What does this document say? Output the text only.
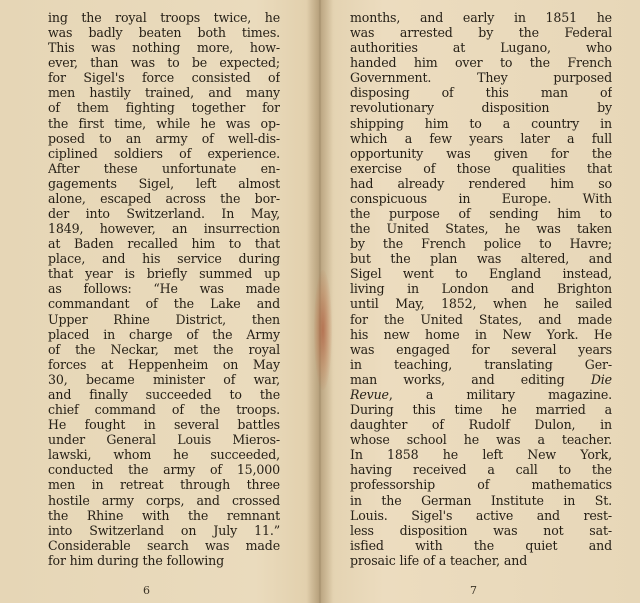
ing the royal troops twice, he
was badly beaten both times.
This was nothing more, how-
ever, than was to be expected;
for Sigel's force consisted of
men hastily trained, and many
of them fighting together for
the first time, while he was op-
posed to an army of well-dis-
ciplined soldiers of experience.
After these unfortunate en-
gagements Sigel, left almost
alone, escaped across the bor-
der into Switzerland. In May,
1849, however, an insurrection
at Baden recalled him to that
place, and his service during
that year is briefly summed up
as follows: “He was made
commandant of the Lake and
Upper Rhine District, then
placed in charge of the Army
of the Neckar, met the royal
forces at Heppenheim on May
30, became minister of war,
and finally succeeded to the
chief command of the troops.
He fought in several battles
under General Louis Mieros-
lawski, whom he succeeded,
conducted the army of 15,000
men in retreat through three
hostile army corps, and crossed
the Rhine with the remnant
into Switzerland on July 11.”
Considerable search was made
for him during the following
6
months, and early in 1851 he
was arrested by the Federal
authorities at Lugano, who
handed him over to the French
Government. They purposed
disposing of this man of
revolutionary disposition by
shipping him to a country in
which a few years later a full
opportunity was given for the
exercise of those qualities that
had already rendered him so
conspicuous in Europe. With
the purpose of sending him to
the United States, he was taken
by the French police to Havre;
but the plan was altered, and
Sigel went to England instead,
living in London and Brighton
until May, 1852, when he sailed
for the United States, and made
his new home in New York. He
was engaged for several years
in teaching, translating Ger-
man works, and editing Die
Revue, a military magazine.
During this time he married a
daughter of Rudolf Dulon, in
whose school he was a teacher.
In 1858 he left New York,
having received a call to the
professorship of mathematics
in the German Institute in St.
Louis. Sigel's active and rest-
less disposition was not sat-
isfied with the quiet and
prosaic life of a teacher, and
7
